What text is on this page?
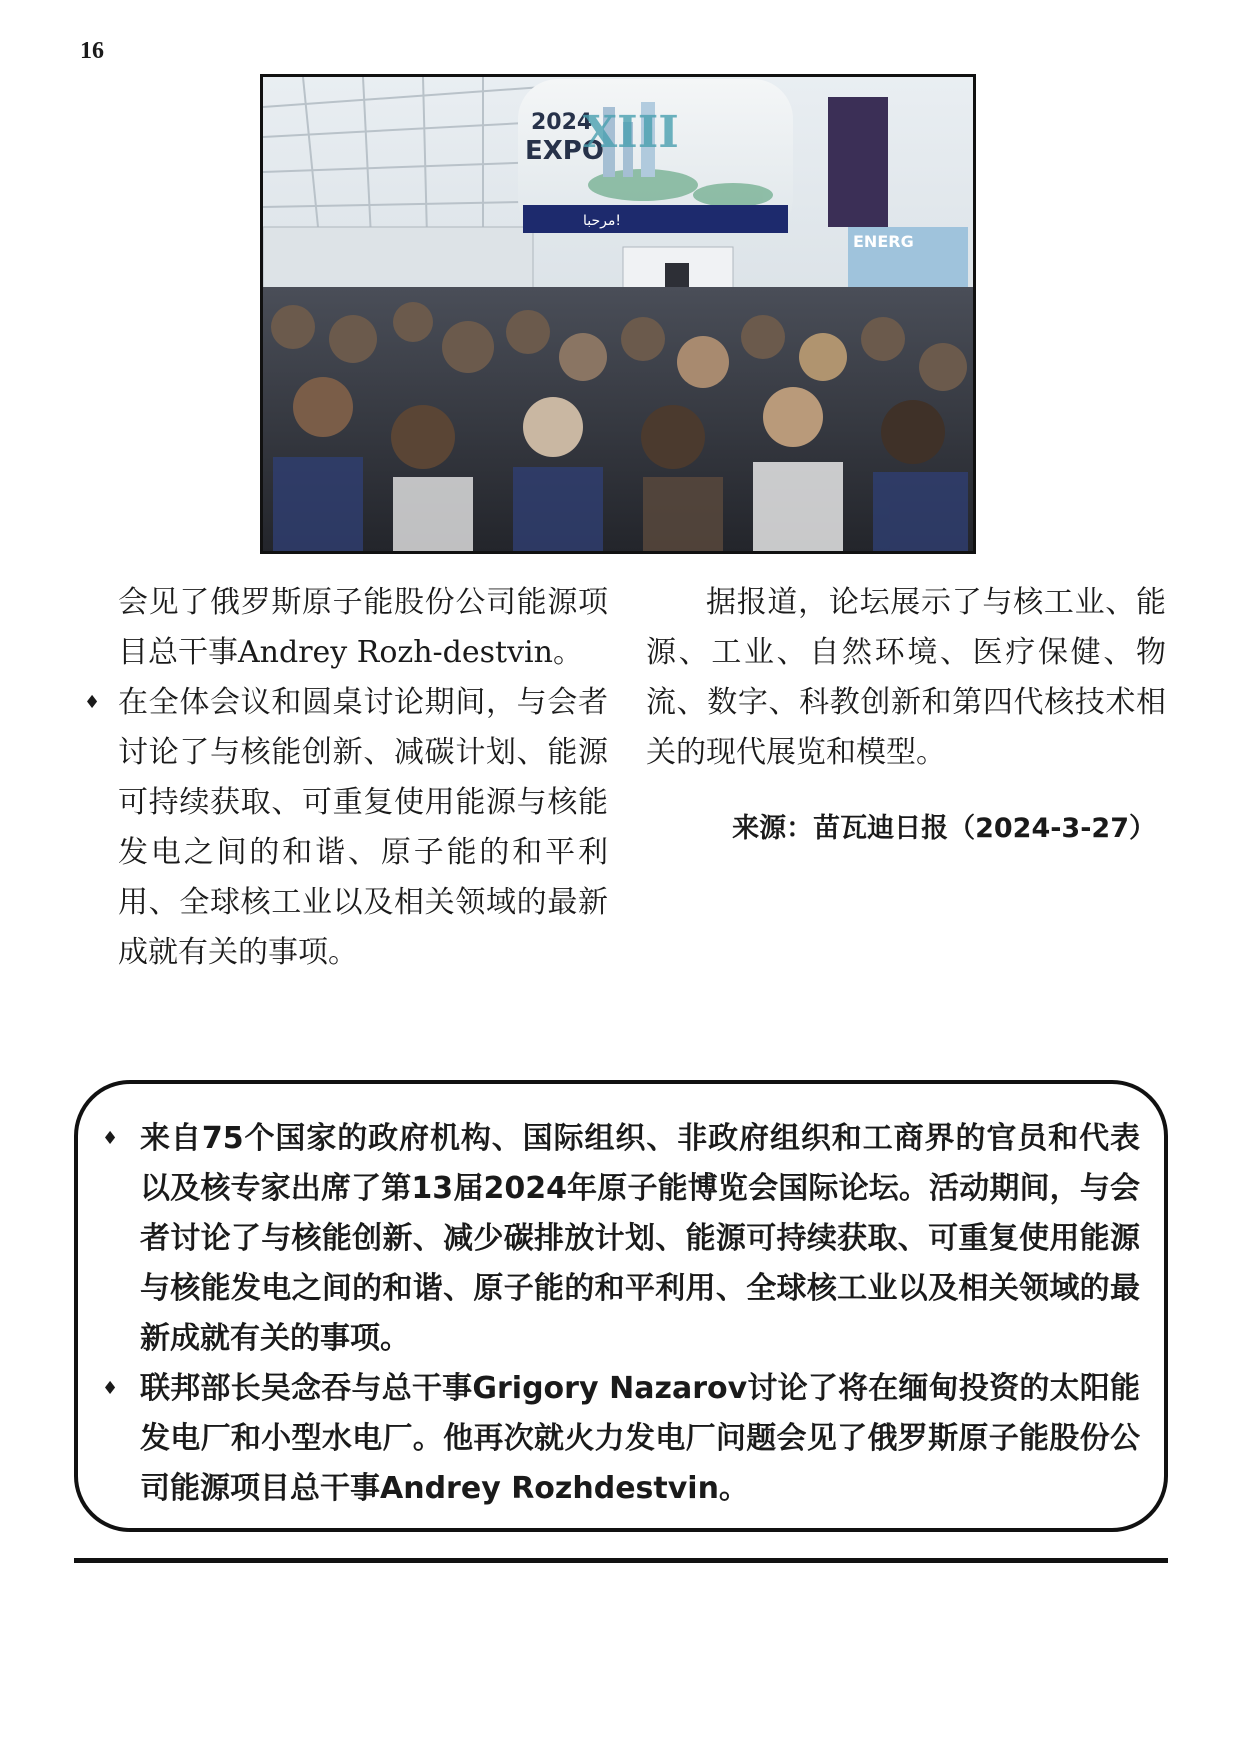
16
2024
EXPO
XIII
مرحبا!
ENERG

会见了俄罗斯原子能股份公司能源项目总干事Andrey Rozh-destvin。

♦ 在全体会议和圆桌讨论期间，与会者讨论了与核能创新、减碳计划、能源可持续获取、可重复使用能源与核能发电之间的和谐、原子能的和平利用、全球核工业以及相关领域的最新成就有关的事项。

据报道，论坛展示了与核工业、能源、工业、自然环境、医疗保健、物流、数字、科教创新和第四代核技术相关的现代展览和模型。

来源：苗瓦迪日报（2024-3-27）

♦ 来自75个国家的政府机构、国际组织、非政府组织和工商界的官员和代表以及核专家出席了第13届2024年原子能博览会国际论坛。活动期间，与会者讨论了与核能创新、减少碳排放计划、能源可持续获取、可重复使用能源与核能发电之间的和谐、原子能的和平利用、全球核工业以及相关领域的最新成就有关的事项。

♦ 联邦部长吴念吞与总干事Grigory Nazarov讨论了将在缅甸投资的太阳能发电厂和小型水电厂。他再次就火力发电厂问题会见了俄罗斯原子能股份公司能源项目总干事Andrey Rozhdestvin。
